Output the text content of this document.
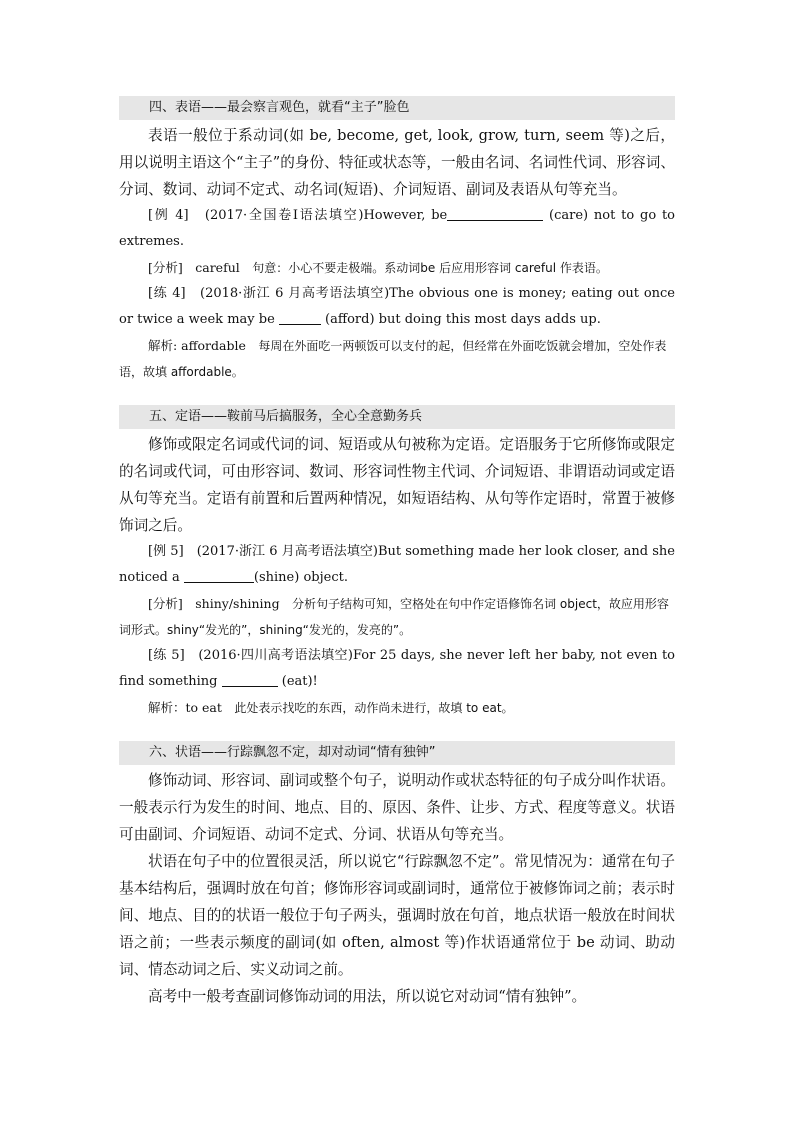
四、表语——最会察言观色，就看“主子”脸色

表语一般位于系动词(如 be, become, get, look, grow, turn, seem 等)之后，用以说明主语这个“主子”的身份、特征或状态等，一般由名词、名词性代词、形容词、分词、数词、动词不定式、动名词(短语)、介词短语、副词及表语从句等充当。

[例 4]　(2017·全国卷Ⅰ语法填空)However, be	(care) not to go to extremes.

[分析]　careful　句意：小心不要走极端。系动词be 后应用形容词 careful 作表语。

[练 4]　(2018·浙江 6 月高考语法填空)The obvious one is money; eating out once or twice a week may be	(afford) but doing this most days adds up.

解析: affordable　每周在外面吃一两顿饭可以支付的起，但经常在外面吃饭就会增加，空处作表语，故填 affordable。

五、定语——鞍前马后搞服务，全心全意勤务兵

修饰或限定名词或代词的词、短语或从句被称为定语。定语服务于它所修饰或限定的名词或代词，可由形容词、数词、形容词性物主代词、介词短语、非谓语动词或定语从句等充当。定语有前置和后置两种情况，如短语结构、从句等作定语时，常置于被修饰词之后。

[例 5]　(2017·浙江 6 月高考语法填空)But something made her look closer, and she noticed a	(shine) object.

[分析]　shiny/shining　分析句子结构可知，空格处在句中作定语修饰名词 object，故应用形容词形式。shiny“发光的”，shining“发光的，发亮的”。

[练 5]　(2016·四川高考语法填空)For 25 days, she never left her baby, not even to find something	(eat)!

解析：to eat　此处表示找吃的东西，动作尚未进行，故填 to eat。

六、状语——行踪飘忽不定，却对动词“情有独钟”

修饰动词、形容词、副词或整个句子，说明动作或状态特征的句子成分叫作状语。一般表示行为发生的时间、地点、目的、原因、条件、让步、方式、程度等意义。状语可由副词、介词短语、动词不定式、分词、状语从句等充当。

状语在句子中的位置很灵活，所以说它“行踪飘忽不定”。常见情况为：通常在句子基本结构后，强调时放在句首；修饰形容词或副词时，通常位于被修饰词之前；表示时间、地点、目的的状语一般位于句子两头，强调时放在句首，地点状语一般放在时间状语之前；一些表示频度的副词(如 often, almost 等)作状语通常位于 be 动词、助动词、情态动词之后、实义动词之前。

高考中一般考查副词修饰动词的用法，所以说它对动词“情有独钟”。
